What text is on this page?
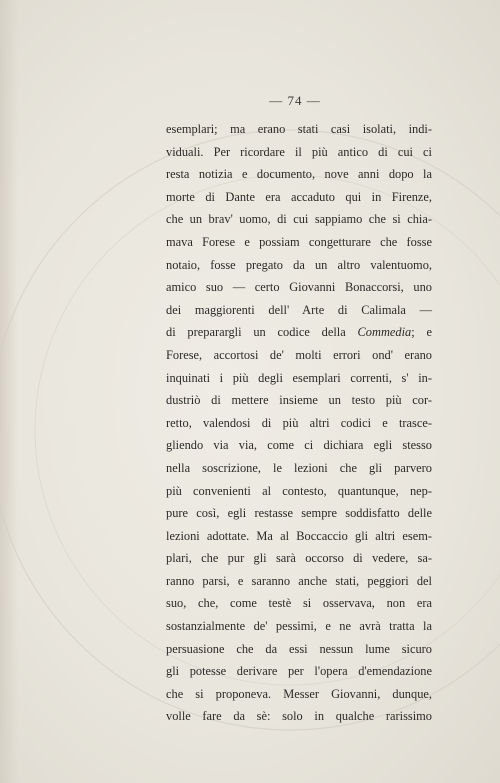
— 74 —
esemplari; ma erano stati casi isolati, indi-
viduali. Per ricordare il più antico di cui ci
resta notizia e documento, nove anni dopo la
morte di Dante era accaduto qui in Firenze,
che un brav' uomo, di cui sappiamo che si chia-
mava Forese e possiam congetturare che fosse
notaio, fosse pregato da un altro valentuomo,
amico suo — certo Giovanni Bonaccorsi, uno
dei maggiorenti dell' Arte di Calimala —
di preparargli un codice della Commedia; e
Forese, accortosi de' molti errori ond' erano
inquinati i più degli esemplari correnti, s' in-
dustriò di mettere insieme un testo più cor-
retto, valendosi di più altri codici e trasce-
gliendo via via, come ci dichiara egli stesso
nella soscrizione, le lezioni che gli parvero
più convenienti al contesto, quantunque, nep-
pure così, egli restasse sempre soddisfatto delle
lezioni adottate. Ma al Boccaccio gli altri esem-
plari, che pur gli sarà occorso di vedere, sa-
ranno parsi, e saranno anche stati, peggiori del
suo, che, come testè si osservava, non era
sostanzialmente de' pessimi, e ne avrà tratta la
persuasione che da essi nessun lume sicuro
gli potesse derivare per l'opera d'emendazione
che si proponeva. Messer Giovanni, dunque,
volle fare da sè: solo in qualche rarissimo
